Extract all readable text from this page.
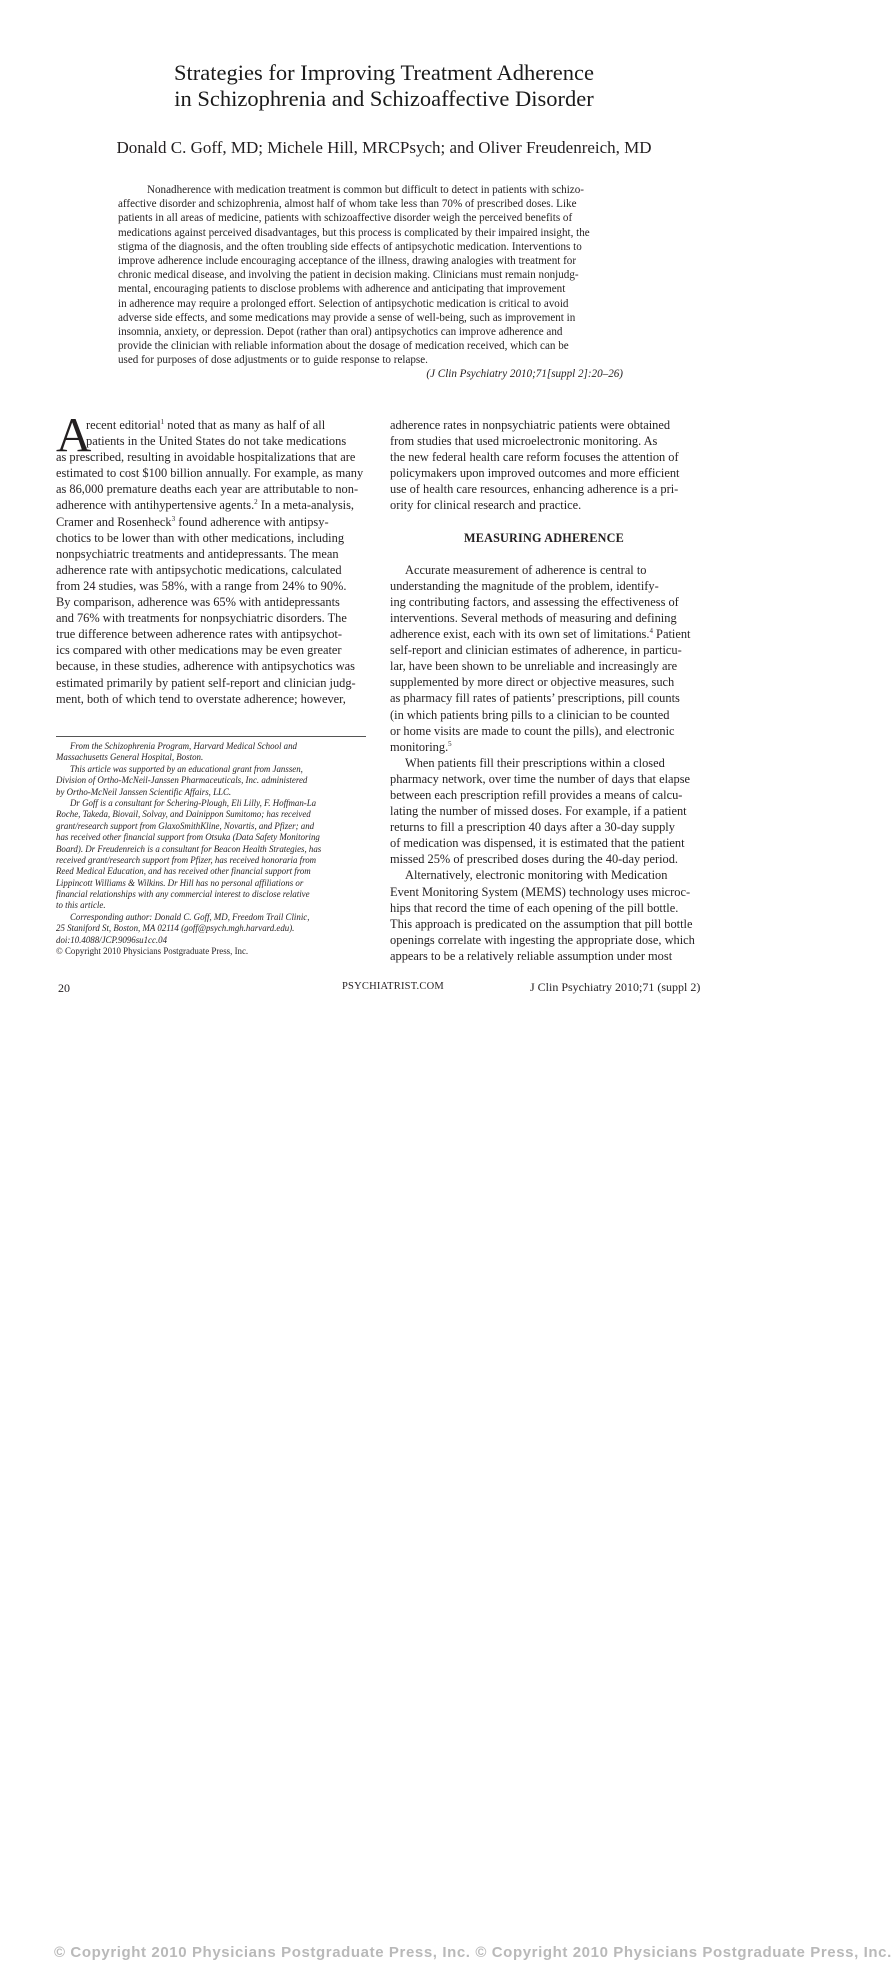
Strategies for Improving Treatment Adherence
in Schizophrenia and Schizoaffective Disorder
Donald C. Goff, MD; Michele Hill, MRCPsych; and Oliver Freudenreich, MD
Nonadherence with medication treatment is common but difficult to detect in patients with schizo-
affective disorder and schizophrenia, almost half of whom take less than 70% of prescribed doses. Like
patients in all areas of medicine, patients with schizoaffective disorder weigh the perceived benefits of
medications against perceived disadvantages, but this process is complicated by their impaired insight, the
stigma of the diagnosis, and the often troubling side effects of antipsychotic medication. Interventions to
improve adherence include encouraging acceptance of the illness, drawing analogies with treatment for
chronic medical disease, and involving the patient in decision making. Clinicians must remain nonjudg-
mental, encouraging patients to disclose problems with adherence and anticipating that improvement
in adherence may require a prolonged effort. Selection of antipsychotic medication is critical to avoid
adverse side effects, and some medications may provide a sense of well-being, such as improvement in
insomnia, anxiety, or depression. Depot (rather than oral) antipsychotics can improve adherence and
provide the clinician with reliable information about the dosage of medication received, which can be
used for purposes of dose adjustments or to guide response to relapse.
(J Clin Psychiatry 2010;71[suppl 2]:20–26)
A
recent editorial$^1$ noted that as many as half of all
patients in the United States do not take medications
as prescribed, resulting in avoidable hospitalizations that are
estimated to cost $100 billion annually. For example, as many
as 86,000 premature deaths each year are attributable to non-
adherence with antihypertensive agents.$^2$ In a meta-analysis,
Cramer and Rosenheck$^3$ found adherence with antipsy-
chotics to be lower than with other medications, including
nonpsychiatric treatments and antidepressants. The mean
adherence rate with antipsychotic medications, calculated
from 24 studies, was 58%, with a range from 24% to 90%.
By comparison, adherence was 65% with antidepressants
and 76% with treatments for nonpsychiatric disorders. The
true difference between adherence rates with antipsychot-
ics compared with other medications may be even greater
because, in these studies, adherence with antipsychotics was
estimated primarily by patient self-report and clinician judg-
ment, both of which tend to overstate adherence; however,
From the Schizophrenia Program, Harvard Medical School and
Massachusetts General Hospital, Boston.
This article was supported by an educational grant from Janssen,
Division of Ortho-McNeil-Janssen Pharmaceuticals, Inc. administered
by Ortho-McNeil Janssen Scientific Affairs, LLC.
Dr Goff is a consultant for Schering-Plough, Eli Lilly, F. Hoffman-La
Roche, Takeda, Biovail, Solvay, and Dainippon Sumitomo; has received
grant/research support from GlaxoSmithKline, Novartis, and Pfizer; and
has received other financial support from Otsuka (Data Safety Monitoring
Board). Dr Freudenreich is a consultant for Beacon Health Strategies, has
received grant/research support from Pfizer, has received honoraria from
Reed Medical Education, and has received other financial support from
Lippincott Williams & Wilkins. Dr Hill has no personal affiliations or
financial relationships with any commercial interest to disclose relative
to this article.
Corresponding author: Donald C. Goff, MD, Freedom Trail Clinic,
25 Staniford St, Boston, MA 02114 (goff@psych.mgh.harvard.edu).
doi:10.4088/JCP.9096su1cc.04
© Copyright 2010 Physicians Postgraduate Press, Inc.
adherence rates in nonpsychiatric patients were obtained
from studies that used microelectronic monitoring. As
the new federal health care reform focuses the attention of
policymakers upon improved outcomes and more efficient
use of health care resources, enhancing adherence is a pri-
ority for clinical research and practice.
MEASURING ADHERENCE
Accurate measurement of adherence is central to
understanding the magnitude of the problem, identify-
ing contributing factors, and assessing the effectiveness of
interventions. Several methods of measuring and defining
adherence exist, each with its own set of limitations.$^4$ Patient
self-report and clinician estimates of adherence, in particu-
lar, have been shown to be unreliable and increasingly are
supplemented by more direct or objective measures, such
as pharmacy fill rates of patients’ prescriptions, pill counts
(in which patients bring pills to a clinician to be counted
or home visits are made to count the pills), and electronic
monitoring.$^5$
When patients fill their prescriptions within a closed
pharmacy network, over time the number of days that elapse
between each prescription refill provides a means of calcu-
lating the number of missed doses. For example, if a patient
returns to fill a prescription 40 days after a 30-day supply
of medication was dispensed, it is estimated that the patient
missed 25% of prescribed doses during the 40-day period.
Alternatively, electronic monitoring with Medication
Event Monitoring System (MEMS) technology uses microc-
hips that record the time of each opening of the pill bottle.
This approach is predicated on the assumption that pill bottle
openings correlate with ingesting the appropriate dose, which
appears to be a relatively reliable assumption under most
© Copyright 2010 Physicians Postgraduate Press, Inc. © Copyright 2010 Physicians Postgraduate Press, Inc.
20	PSYCHIATRIST.COM	J Clin Psychiatry 2010;71 (suppl 2)
